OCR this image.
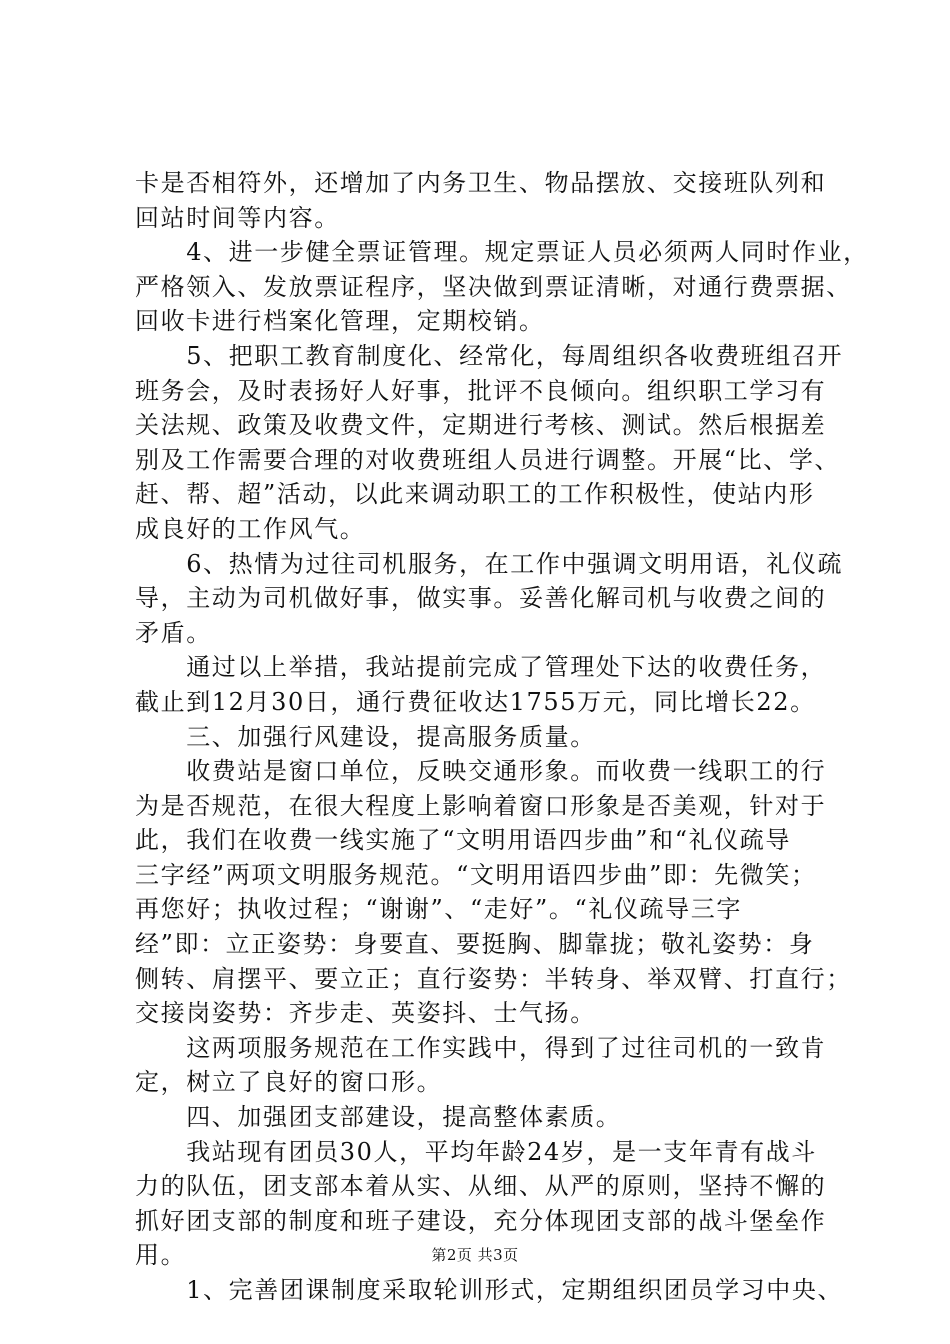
卡是否相符外，还增加了内务卫生、物品摆放、交接班队列和
回站时间等内容。
　　4、进一步健全票证管理。规定票证人员必须两人同时作业，
严格领入、发放票证程序，坚决做到票证清晰，对通行费票据、
回收卡进行档案化管理，定期校销。
　　5、把职工教育制度化、经常化，每周组织各收费班组召开
班务会，及时表扬好人好事，批评不良倾向。组织职工学习有
关法规、政策及收费文件，定期进行考核、测试。然后根据差
别及工作需要合理的对收费班组人员进行调整。开展“比、学、
赶、帮、超”活动，以此来调动职工的工作积极性，使站内形
成良好的工作风气。
　　6、热情为过往司机服务，在工作中强调文明用语，礼仪疏
导，主动为司机做好事，做实事。妥善化解司机与收费之间的
矛盾。
　　通过以上举措，我站提前完成了管理处下达的收费任务，
截止到12月30日，通行费征收达1755万元，同比增长22。
　　三、加强行风建设，提高服务质量。
　　收费站是窗口单位，反映交通形象。而收费一线职工的行
为是否规范，在很大程度上影响着窗口形象是否美观，针对于
此，我们在收费一线实施了“文明用语四步曲”和“礼仪疏导
三字经”两项文明服务规范。“文明用语四步曲”即：先微笑；
再您好；执收过程；“谢谢”、“走好”。“礼仪疏导三字
经”即：立正姿势：身要直、要挺胸、脚靠拢；敬礼姿势：身
侧转、肩摆平、要立正；直行姿势：半转身、举双臂、打直行；
交接岗姿势：齐步走、英姿抖、士气扬。
　　这两项服务规范在工作实践中，得到了过往司机的一致肯
定，树立了良好的窗口形。
　　四、加强团支部建设，提高整体素质。
　　我站现有团员30人，平均年龄24岁，是一支年青有战斗
力的队伍，团支部本着从实、从细、从严的原则，坚持不懈的
抓好团支部的制度和班子建设，充分体现团支部的战斗堡垒作
用。
　　1、完善团课制度采取轮训形式，定期组织团员学习中央、
第2页 共3页
